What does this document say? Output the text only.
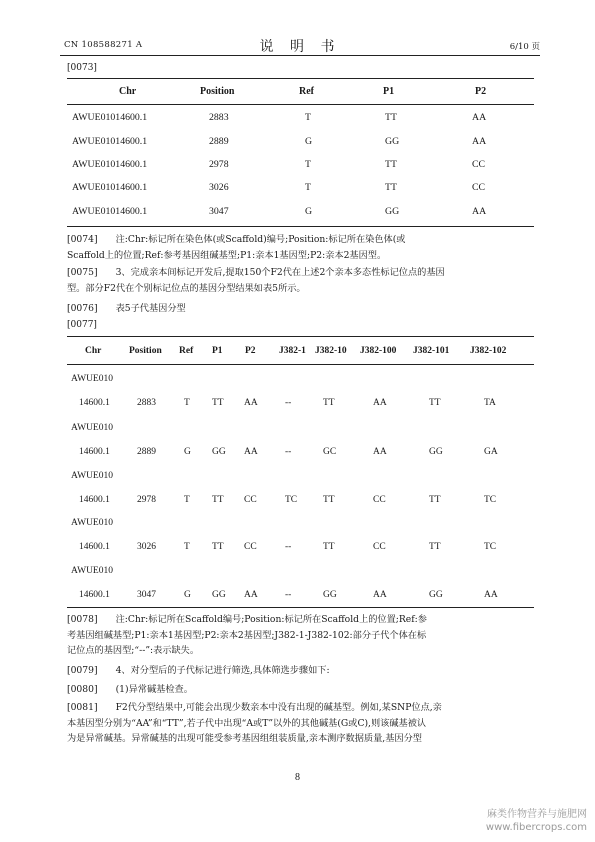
CN 108588271 A	说 明 书	6/10 页
[0073]
Chr	Position	Ref	P1	P2
AWUE01014600.1	2883	T	TT	AA
AWUE01014600.1	2889	G	GG	AA
AWUE01014600.1	2978	T	TT	CC
AWUE01014600.1	3026	T	TT	CC
AWUE01014600.1	3047	G	GG	AA
[0074] 注:Chr:标记所在染色体(或Scaffold)编号;Position:标记所在染色体(或
Scaffold上的位置;Ref:参考基因组碱基型;P1:亲本1基因型;P2:亲本2基因型。
[0075] 3、完成亲本间标记开发后,提取150个F2代在上述2个亲本多态性标记位点的基因
型。部分F2代在个别标记位点的基因分型结果如表5所示。
[0076] 表5子代基因分型
[0077]
Chr	Position Ref P1 P2 J382-1 J382-10 J382-100 J382-101 J382-102
AWUE010
14600.1	2883	T TT AA	--	TT	AA	TT	TA
AWUE010
14600.1	2889	G GG AA	--	GC	AA	GG	GA
AWUE010
14600.1	2978	T TT CC	TC	TT	CC	TT	TC
AWUE010
14600.1	3026	T TT CC	--	TT	CC	TT	TC
AWUE010
14600.1	3047	G GG AA	--	GG	AA	GG	AA
[0078] 注:Chr:标记所在Scaffold编号;Position:标记所在Scaffold上的位置;Ref:参
考基因组碱基型;P1:亲本1基因型;P2:亲本2基因型;J382-1-J382-102:部分子代个体在标
记位点的基因型;“--”:表示缺失。
[0079] 4、对分型后的子代标记进行筛选,具体筛选步骤如下:
[0080] (1)异常碱基检查。
[0081] F2代分型结果中,可能会出现少数亲本中没有出现的碱基型。例如,某SNP位点,亲
本基因型分别为“AA”和“TT”,若子代中出现“A或T”以外的其他碱基(G或C),则该碱基被认
为是异常碱基。异常碱基的出现可能受参考基因组组装质量,亲本测序数据质量,基因分型
8
麻类作物营养与施肥网
www.fibercrops.com
